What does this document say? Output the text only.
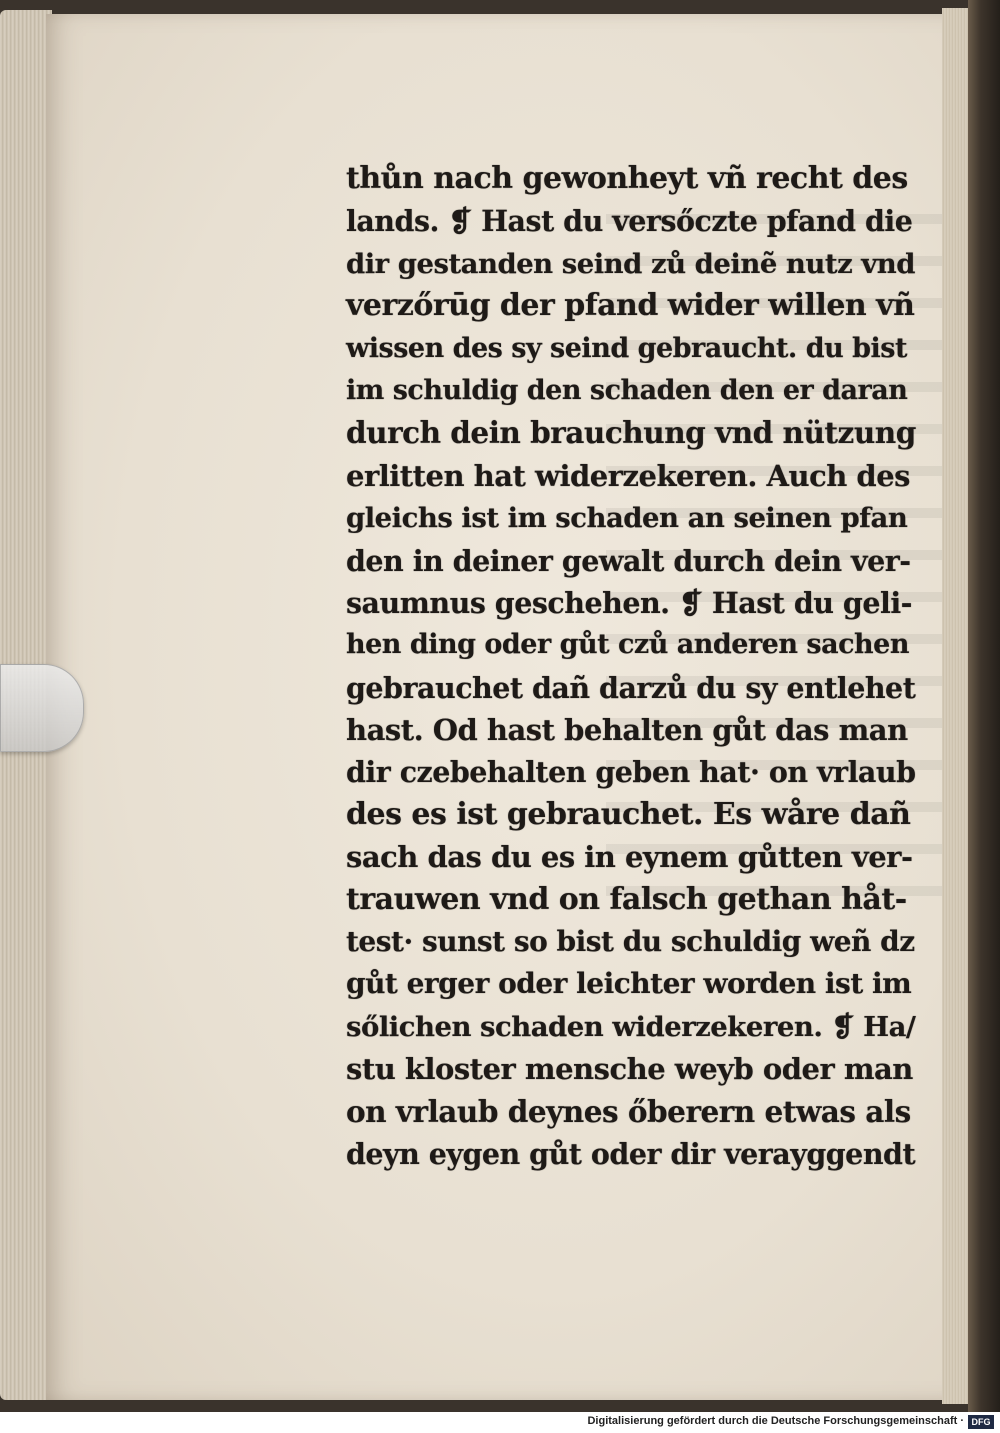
thůn nach gewonheyt vñ recht des
lands. ❡ Hast du versőczte pfand die
dir gestanden seind zů deinẽ nutz vnd
verzőrūg der pfand wider willen vñ
wissen des sy seind gebraucht. du bist
im schuldig den schaden den er daran
durch dein brauchung vnd nützung
erlitten hat widerzekeren. Auch des
gleichs ist im schaden an seinen pfan
den in deiner gewalt durch dein ver-
saumnus geschehen. ❡ Hast du geli-
hen ding oder gůt czů anderen sachen
gebrauchet dañ darzů du sy entlehet
hast. Od hast behalten gůt das man
dir czebehalten geben hat· on vrlaub
des es ist gebrauchet. Es wåre dañ
sach das du es in eynem gůtten ver-
trauwen vnd on falsch gethan håt-
test· sunst so bist du schuldig weñ dz
gůt erger oder leichter worden ist im
sőlichen schaden widerzekeren. ❡ Ha/
stu kloster mensche weyb oder man
on vrlaub deynes őberern etwas als
deyn eygen gůt oder dir verayggendt
Digitalisierung gefördert durch die Deutsche Forschungsgemeinschaft · DFG
